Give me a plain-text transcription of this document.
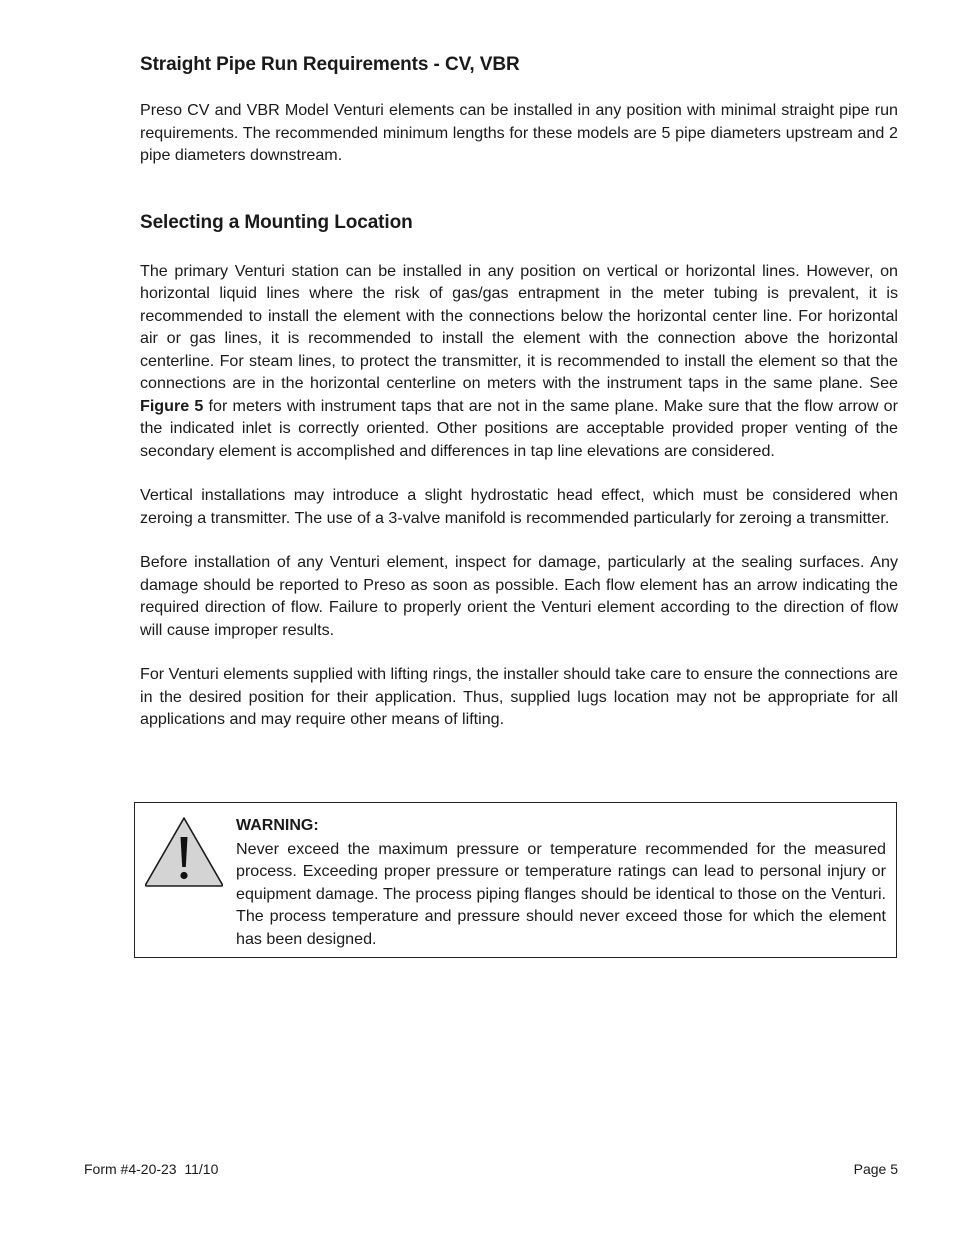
Straight Pipe Run Requirements - CV, VBR

Preso CV and VBR Model Venturi elements can be installed in any position with minimal straight pipe run requirements. The recommended minimum lengths for these models are 5 pipe diameters upstream and 2 pipe diameters downstream.

Selecting a Mounting Location

The primary Venturi station can be installed in any position on vertical or horizontal lines. However, on horizontal liquid lines where the risk of gas/gas entrapment in the meter tubing is prevalent, it is recommended to install the element with the connections below the horizontal center line. For horizontal air or gas lines, it is recommended to install the element with the connection above the horizontal centerline. For steam lines, to protect the transmitter, it is recommended to install the element so that the connections are in the horizontal centerline on meters with the instrument taps in the same plane. See Figure 5 for meters with instrument taps that are not in the same plane. Make sure that the flow arrow or the indicated inlet is correctly oriented. Other positions are acceptable provided proper venting of the secondary element is accomplished and differences in tap line elevations are considered.

Vertical installations may introduce a slight hydrostatic head effect, which must be considered when zeroing a transmitter. The use of a 3-valve manifold is recommended particularly for zeroing a transmitter.

Before installation of any Venturi element, inspect for damage, particularly at the sealing surfaces. Any damage should be reported to Preso as soon as possible. Each flow element has an arrow indicating the required direction of flow. Failure to properly orient the Venturi element according to the direction of flow will cause improper results.

For Venturi elements supplied with lifting rings, the installer should take care to ensure the connections are in the desired position for their application. Thus, supplied lugs location may not be appropriate for all applications and may require other means of lifting.

WARNING:

Never exceed the maximum pressure or temperature recommended for the measured process. Exceeding proper pressure or temperature ratings can lead to personal injury or equipment damage. The process piping flanges should be identical to those on the Venturi. The process temperature and pressure should never exceed those for which the element has been designed.

Form #4-20-23  11/10	Page 5
